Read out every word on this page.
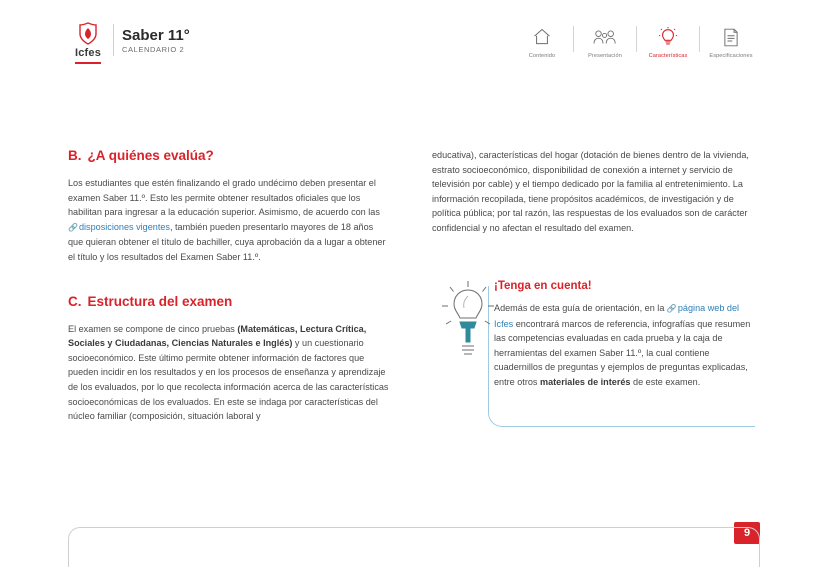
Icfes
Saber 11°
CALENDARIO 2
Contenido	Presentación	Características	Especificaciones
B. ¿A quiénes evalúa?

Los estudiantes que estén finalizando el grado undécimo deben presentar el examen Saber 11.º. Esto les permite obtener resultados oficiales que los habilitan para ingresar a la educación superior. Asimismo, de acuerdo con las 🔗disposiciones vigentes, también pueden presentarlo mayores de 18 años que quieran obtener el título de bachiller, cuya aprobación da a lugar a obtener el título y los resultados del Examen Saber 11.º.

C. Estructura del examen

El examen se compone de cinco pruebas (Matemáticas, Lectura Crítica, Sociales y Ciudadanas, Ciencias Naturales e Inglés) y un cuestionario socioeconómico. Este último permite obtener información de factores que pueden incidir en los resultados y en los procesos de enseñanza y aprendizaje de los evaluados, por lo que recolecta información acerca de las características socioeconómicas de los evaluados. En este se indaga por características del núcleo familiar (composición, situación laboral y

educativa), características del hogar (dotación de bienes dentro de la vivienda, estrato socioeconómico, disponibilidad de conexión a internet y servicio de televisión por cable) y el tiempo dedicado por la familia al entretenimiento. La información recopilada, tiene propósitos académicos, de investigación y de política pública; por tal razón, las respuestas de los evaluados son de carácter confidencial y no afectan el resultado del examen.

¡Tenga en cuenta!

Además de esta guía de orientación, en la 🔗página web del Icfes encontrará marcos de referencia, infografías que resumen las competencias evaluadas en cada prueba y la caja de herramientas del examen Saber 11.º, la cual contiene cuadernillos de preguntas y ejemplos de preguntas explicadas, entre otros materiales de interés de este examen.

9
